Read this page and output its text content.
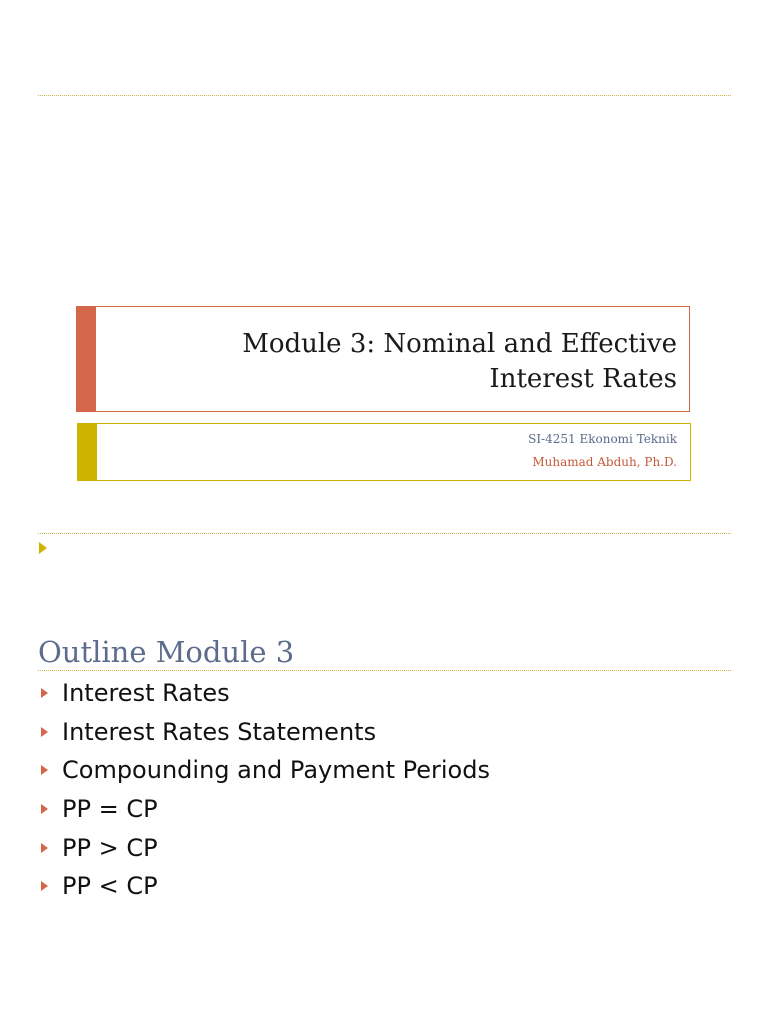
Module 3: Nominal and Effective
Interest Rates
SI-4251 Ekonomi Teknik
Muhamad Abduh, Ph.D.
Outline Module 3
Interest Rates
Interest Rates Statements
Compounding and Payment Periods
PP = CP
PP > CP
PP < CP
